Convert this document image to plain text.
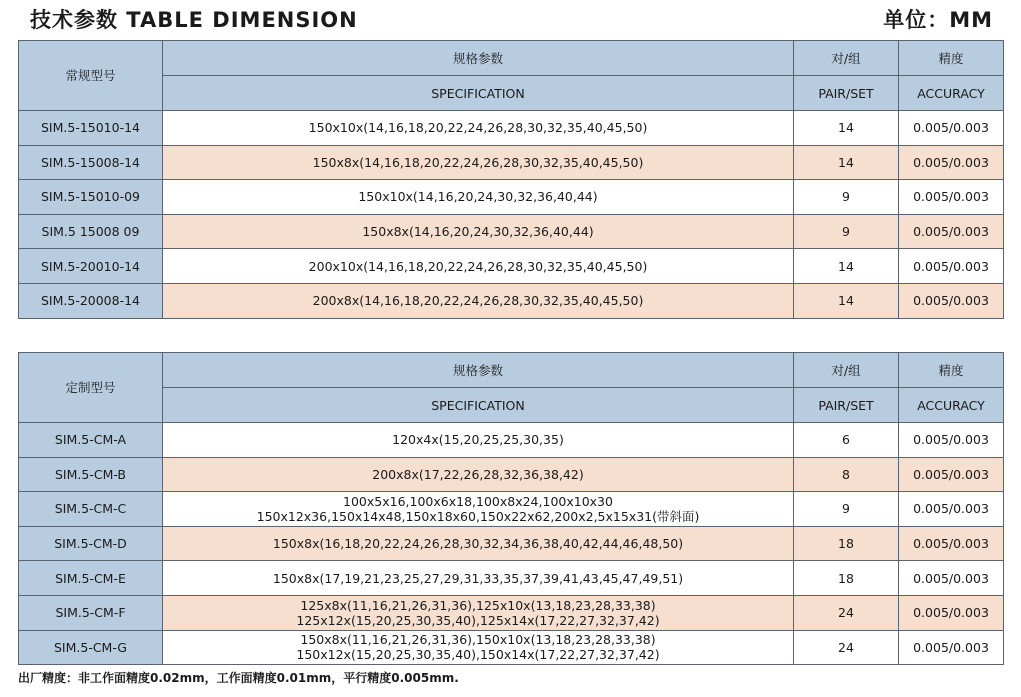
技术参数 TABLE DIMENSION	单位：MM
常规型号	规格参数	对/组	精度
	SPECIFICATION	PAIR/SET	ACCURACY
SIM.5-15010-14	150x10x(14,16,18,20,22,24,26,28,30,32,35,40,45,50)	14	0.005/0.003
SIM.5-15008-14	150x8x(14,16,18,20,22,24,26,28,30,32,35,40,45,50)	14	0.005/0.003
SIM.5-15010-09	150x10x(14,16,20,24,30,32,36,40,44)	9	0.005/0.003
SIM.5 15008 09	150x8x(14,16,20,24,30,32,36,40,44)	9	0.005/0.003
SIM.5-20010-14	200x10x(14,16,18,20,22,24,26,28,30,32,35,40,45,50)	14	0.005/0.003
SIM.5-20008-14	200x8x(14,16,18,20,22,24,26,28,30,32,35,40,45,50)	14	0.005/0.003
定制型号	规格参数	对/组	精度
	SPECIFICATION	PAIR/SET	ACCURACY
SIM.5-CM-A	120x4x(15,20,25,25,30,35)	6	0.005/0.003
SIM.5-CM-B	200x8x(17,22,26,28,32,36,38,42)	8	0.005/0.003
SIM.5-CM-C	100x5x16,100x6x18,100x8x24,100x10x30
150x12x36,150x14x48,150x18x60,150x22x62,200x2,5x15x31(带斜面)	9	0.005/0.003
SIM.5-CM-D	150x8x(16,18,20,22,24,26,28,30,32,34,36,38,40,42,44,46,48,50)	18	0.005/0.003
SIM.5-CM-E	150x8x(17,19,21,23,25,27,29,31,33,35,37,39,41,43,45,47,49,51)	18	0.005/0.003
SIM.5-CM-F	125x8x(11,16,21,26,31,36),125x10x(13,18,23,28,33,38)
125x12x(15,20,25,30,35,40),125x14x(17,22,27,32,37,42)	24	0.005/0.003
SIM.5-CM-G	150x8x(11,16,21,26,31,36),150x10x(13,18,23,28,33,38)
150x12x(15,20,25,30,35,40),150x14x(17,22,27,32,37,42)	24	0.005/0.003
出厂精度：非工作面精度0.02mm，工作面精度0.01mm，平行精度0.005mm.
